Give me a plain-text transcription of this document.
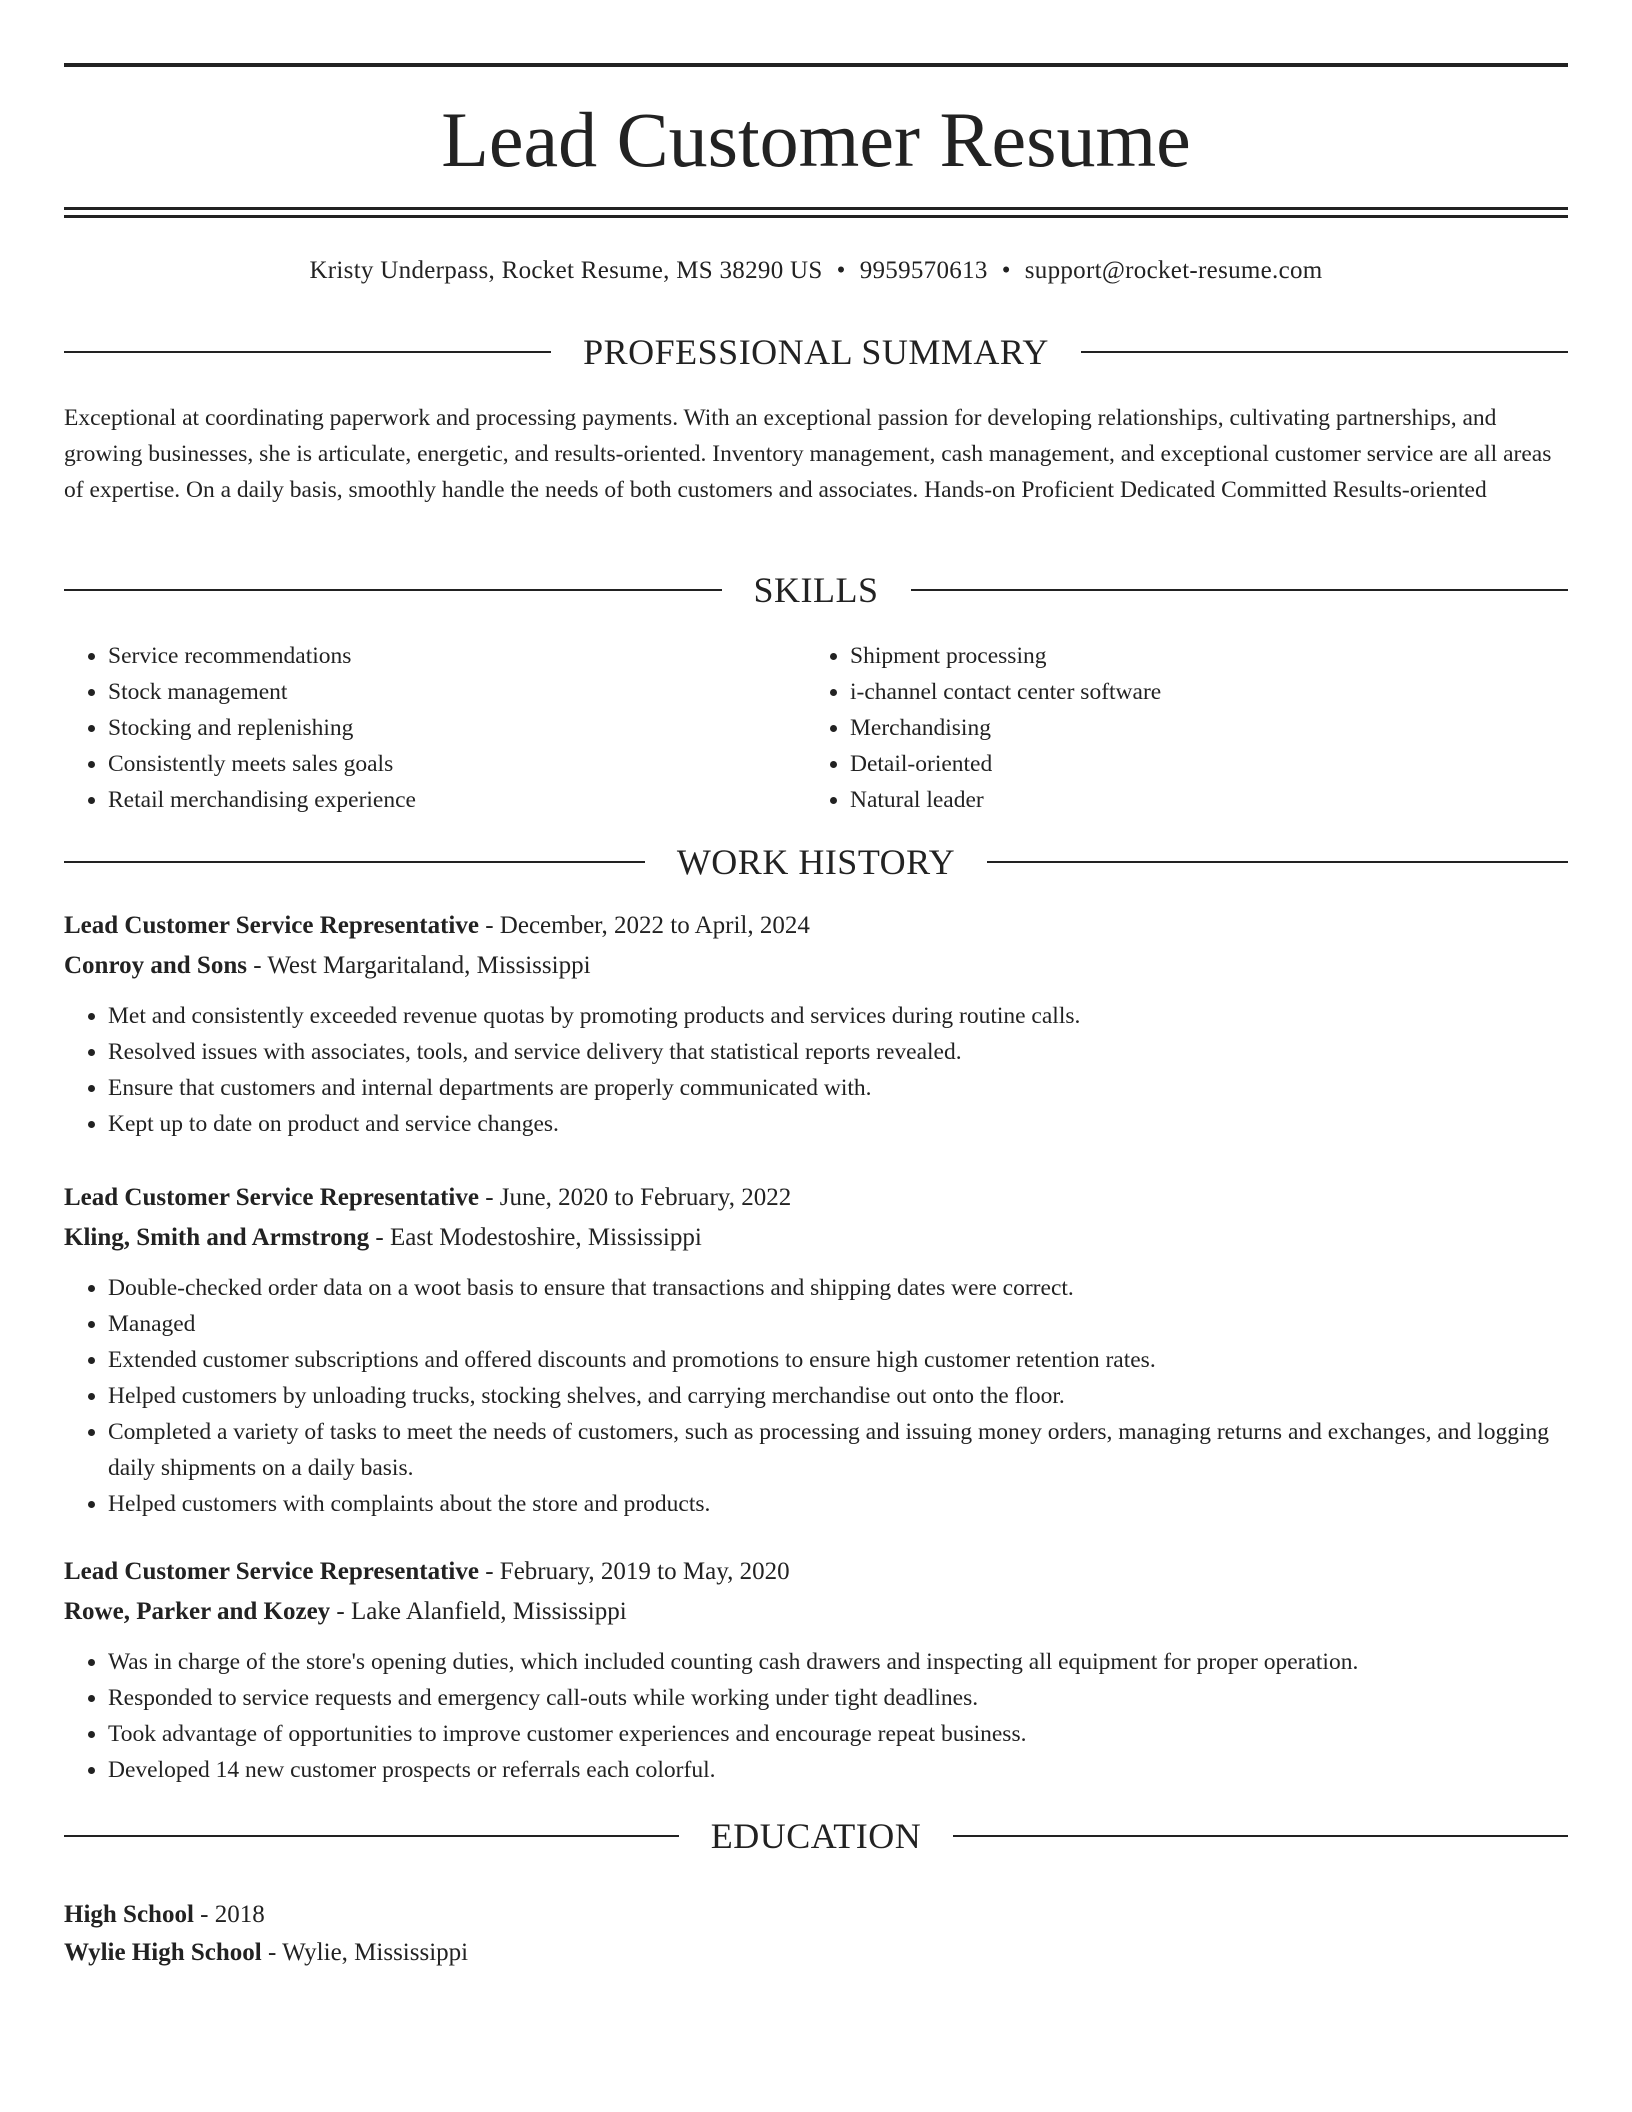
Lead Customer Resume
Kristy Underpass, Rocket Resume, MS 38290 US • 9959570613 • support@rocket-resume.com
PROFESSIONAL SUMMARY

Exceptional at coordinating paperwork and processing payments. With an exceptional passion for developing relationships, cultivating partnerships, and growing businesses, she is articulate, energetic, and results-oriented. Inventory management, cash management, and exceptional customer service are all areas of expertise. On a daily basis, smoothly handle the needs of both customers and associates. Hands-on Proficient Dedicated Committed Results-oriented

SKILLS
• Service recommendations
• Stock management
• Stocking and replenishing
• Consistently meets sales goals
• Retail merchandising experience
• Shipment processing
• i-channel contact center software
• Merchandising
• Detail-oriented
• Natural leader
WORK HISTORY
Lead Customer Service Representative - December, 2022 to April, 2024
Conroy and Sons - West Margaritaland, Mississippi
• Met and consistently exceeded revenue quotas by promoting products and services during routine calls.
• Resolved issues with associates, tools, and service delivery that statistical reports revealed.
• Ensure that customers and internal departments are properly communicated with.
• Kept up to date on product and service changes.
Lead Customer Service Representative - June, 2020 to February, 2022
Kling, Smith and Armstrong - East Modestoshire, Mississippi
• Double-checked order data on a woot basis to ensure that transactions and shipping dates were correct.
• Managed
• Extended customer subscriptions and offered discounts and promotions to ensure high customer retention rates.
• Helped customers by unloading trucks, stocking shelves, and carrying merchandise out onto the floor.
• Completed a variety of tasks to meet the needs of customers, such as processing and issuing money orders, managing returns and exchanges, and logging daily shipments on a daily basis.
• Helped customers with complaints about the store and products.
Lead Customer Service Representative - February, 2019 to May, 2020
Rowe, Parker and Kozey - Lake Alanfield, Mississippi
• Was in charge of the store's opening duties, which included counting cash drawers and inspecting all equipment for proper operation.
• Responded to service requests and emergency call-outs while working under tight deadlines.
• Took advantage of opportunities to improve customer experiences and encourage repeat business.
• Developed 14 new customer prospects or referrals each colorful.
EDUCATION
High School - 2018
Wylie High School - Wylie, Mississippi
